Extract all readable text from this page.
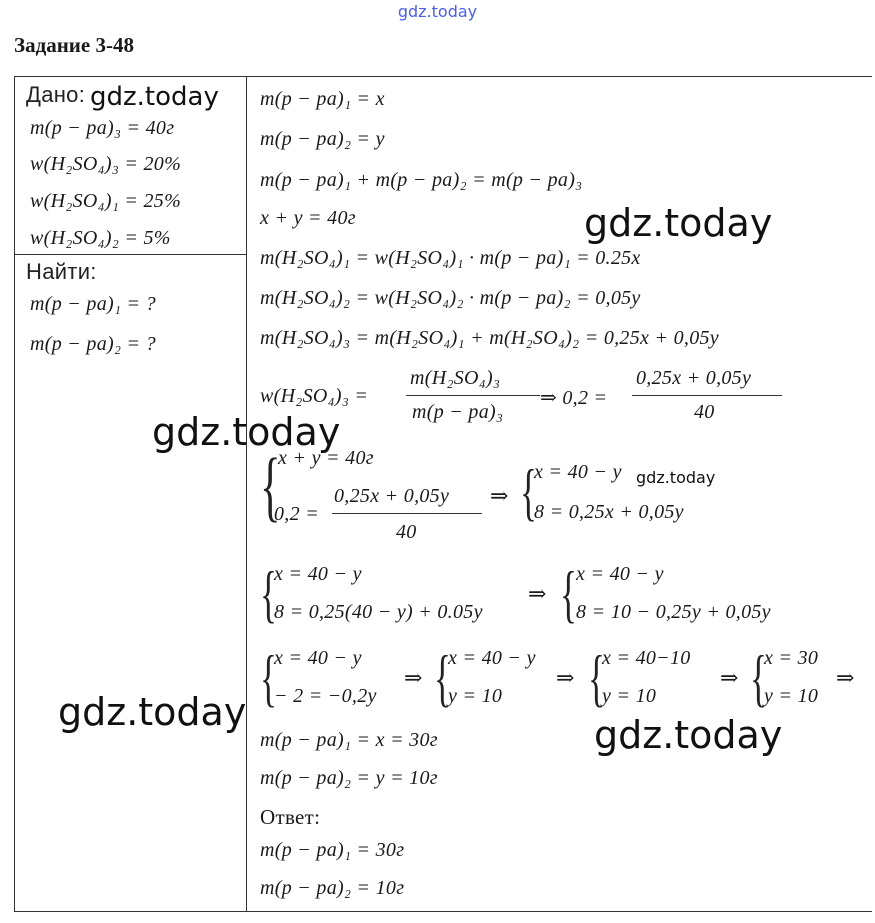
gdz.today
Задание 3-48
Дано:
m(p − pa)₃ = 40г
w(H₂SO₄)₃ = 20%
w(H₂SO₄)₁ = 25%
w(H₂SO₄)₂ = 5%
Найти:
m(p − pa)₁ = ?
m(p − pa)₂ = ?
m(p − pa)₁ = x
m(p − pa)₂ = y
m(p − pa)₁ + m(p − pa)₂ = m(p − pa)₃
x + y = 40г
m(H₂SO₄)₁ = w(H₂SO₄)₁ · m(p − pa)₁ = 0.25x
m(H₂SO₄)₂ = w(H₂SO₄)₂ · m(p − pa)₂ = 0,05y
m(H₂SO₄)₃ = m(H₂SO₄)₁ + m(H₂SO₄)₂ = 0,25x + 0,05y
w(H₂SO₄)₃ =
m(H₂SO₄)₃
m(p − pa)₃
⇒ 0,2 =
0,25x + 0,05y
40
{
x + y = 40г
0,2 =
0,25x + 0,05y
40
⇒ {
x = 40 − y
8 = 0,25x + 0,05y
{
x = 40 − y
8 = 0,25(40 − y) + 0.05y
⇒ { x = 40 − y
8 = 10 − 0,25y + 0,05y
{
x = 40 − y
− 2 = −0,2y
⇒ {
x = 40 − y
y = 10
⇒ {
x = 40−10
y = 10
⇒ {
x = 30
y = 10
⇒
m(p − pa)₁ = x = 30г
m(p − pa)₂ = y = 10г
Ответ:
m(p − pa)₁ = 30г
m(p − pa)₂ = 10г
gdz.today
gdz.today
gdz.today
gdz.today
gdz.today
gdz.today
